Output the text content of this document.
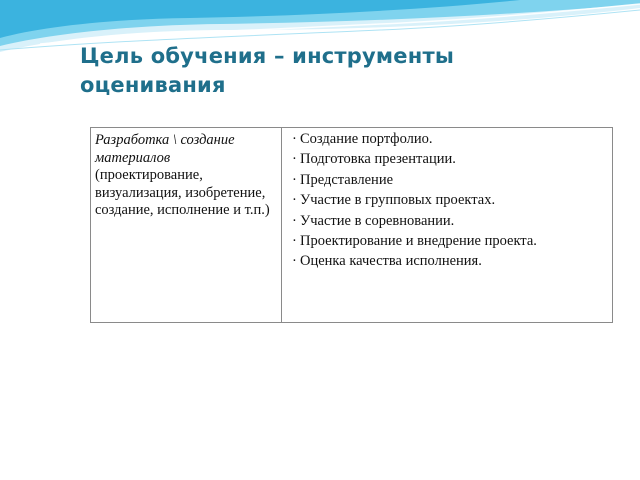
Цель обучения – инструменты оценивания
Разработка \ создание материалов (проектирование, визуализация, изобретение, создание, исполнение и т.п.)	
· Создание портфолио.
· Подготовка презентации.
· Представление
· Участие в групповых проектах.
· Участие в соревновании.
· Проектирование и внедрение проекта.
· Оценка качества исполнения.
